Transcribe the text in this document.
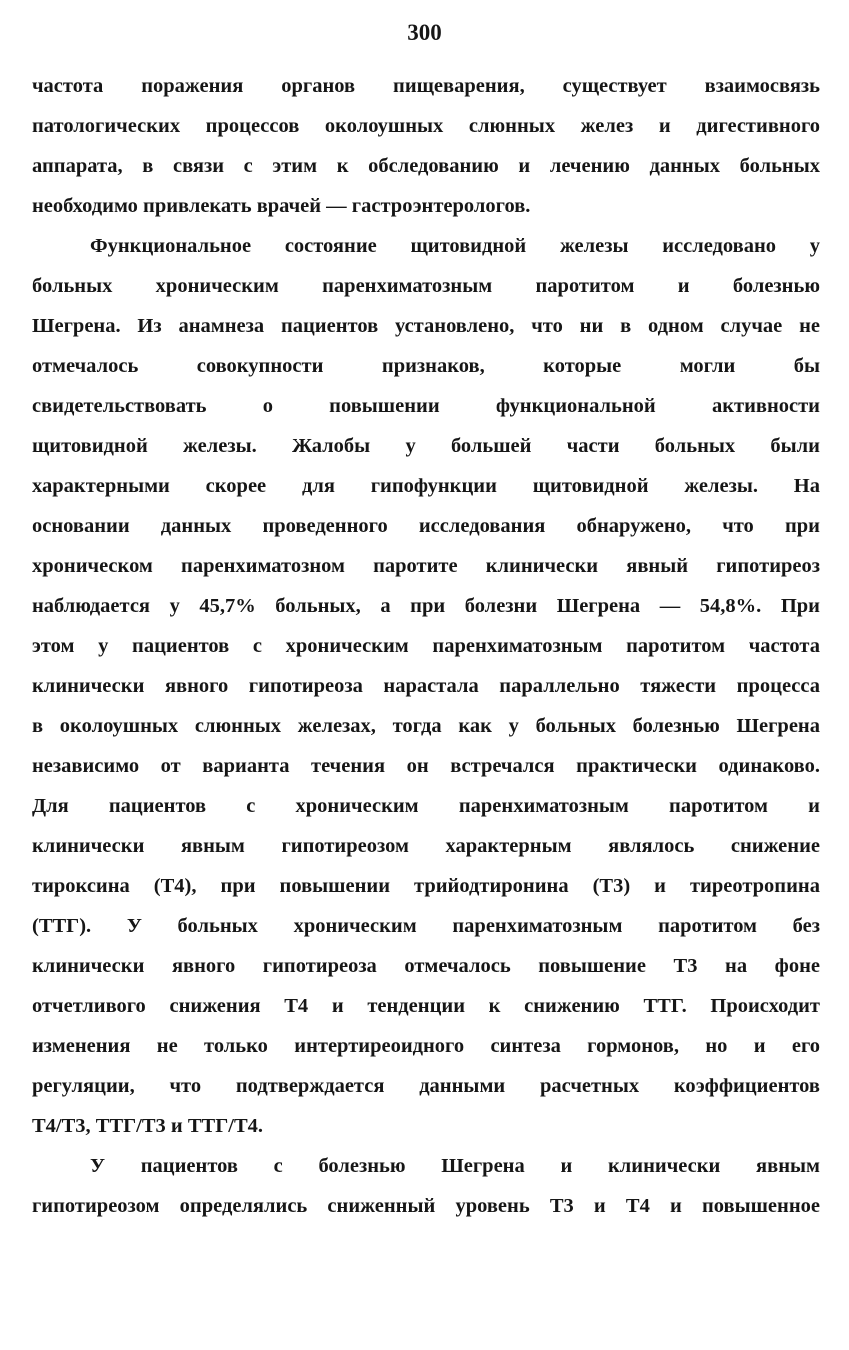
300
частота поражения органов пищеварения, существует взаимосвязь
патологических процессов околоушных слюнных желез и дигестивного
аппарата, в связи с этим к обследованию и лечению данных больных
необходимо привлекать врачей — гастроэнтерологов.
Функциональное состояние щитовидной железы исследовано у
больных хроническим паренхиматозным паротитом и болезнью
Шегрена. Из анамнеза пациентов установлено, что ни в одном случае не
отмечалось совокупности признаков, которые могли бы
свидетельствовать о повышении функциональной активности
щитовидной железы. Жалобы у большей части больных были
характерными скорее для гипофункции щитовидной железы. На
основании данных проведенного исследования обнаружено, что при
хроническом паренхиматозном паротите клинически явный гипотиреоз
наблюдается у 45,7% больных, а при болезни Шегрена — 54,8%. При
этом у пациентов с хроническим паренхиматозным паротитом частота
клинически явного гипотиреоза нарастала параллельно тяжести процесса
в околоушных слюнных железах, тогда как у больных болезнью Шегрена
независимо от варианта течения он встречался практически одинаково.
Для пациентов с хроническим паренхиматозным паротитом и
клинически явным гипотиреозом характерным являлось снижение
тироксина (T4), при повышении трийодтиронина (T3) и тиреотропина
(ТТГ). У больных хроническим паренхиматозным паротитом без
клинически явного гипотиреоза отмечалось повышение T3 на фоне
отчетливого снижения T4 и тенденции к снижению ТТГ. Происходит
изменения не только интертиреоидного синтеза гормонов, но и его
регуляции, что подтверждается данными расчетных коэффициентов
T4/T3, ТТГ/T3 и ТТГ/T4.
У пациентов с болезнью Шегрена и клинически явным
гипотиреозом определялись сниженный уровень T3 и T4 и повышенное
